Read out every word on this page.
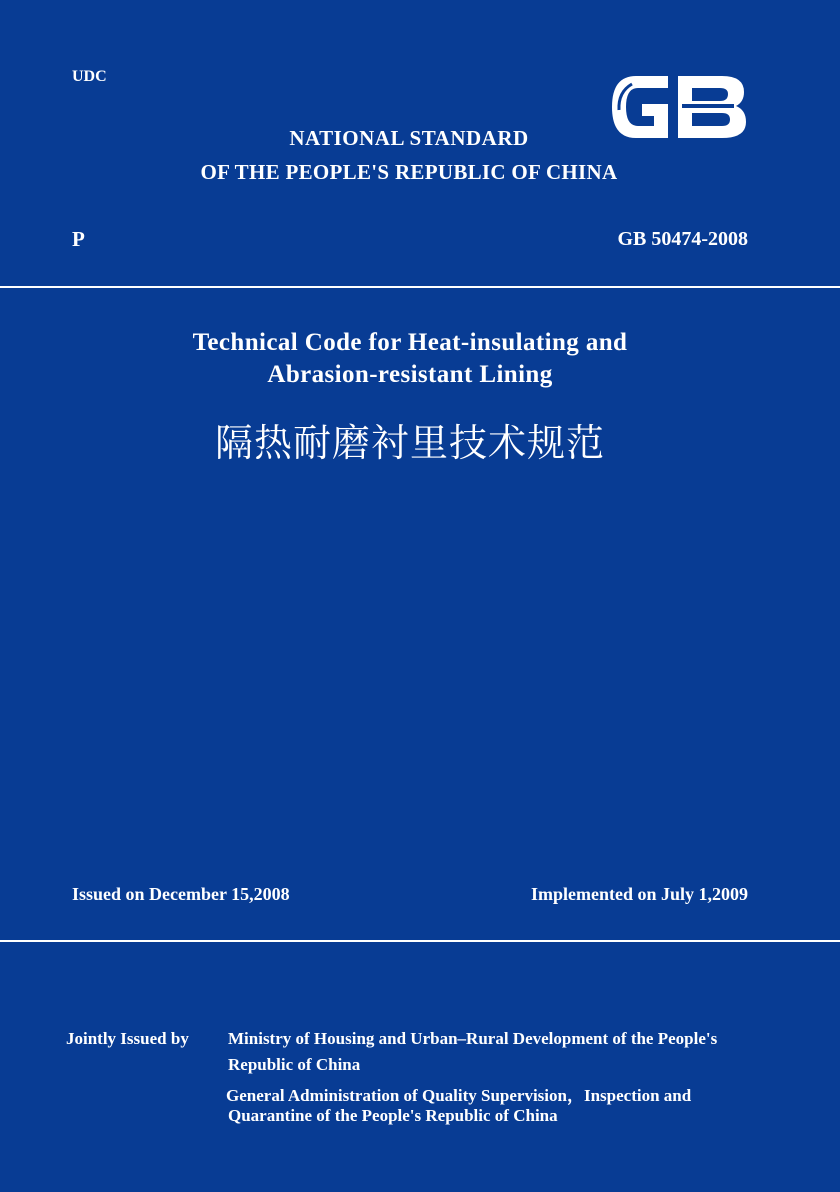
UDC
NATIONAL STANDARD
OF THE PEOPLE'S REPUBLIC OF CHINA
P	GB 50474-2008
Technical Code for Heat-insulating and
Abrasion-resistant Lining
隔热耐磨衬里技术规范
Issued on December 15,2008	Implemented on July 1,2009
Jointly Issued by Ministry of Housing and Urban–Rural Development of the People's
Republic of China
General Administration of Quality Supervision，Inspection and
Quarantine of the People's Republic of China
